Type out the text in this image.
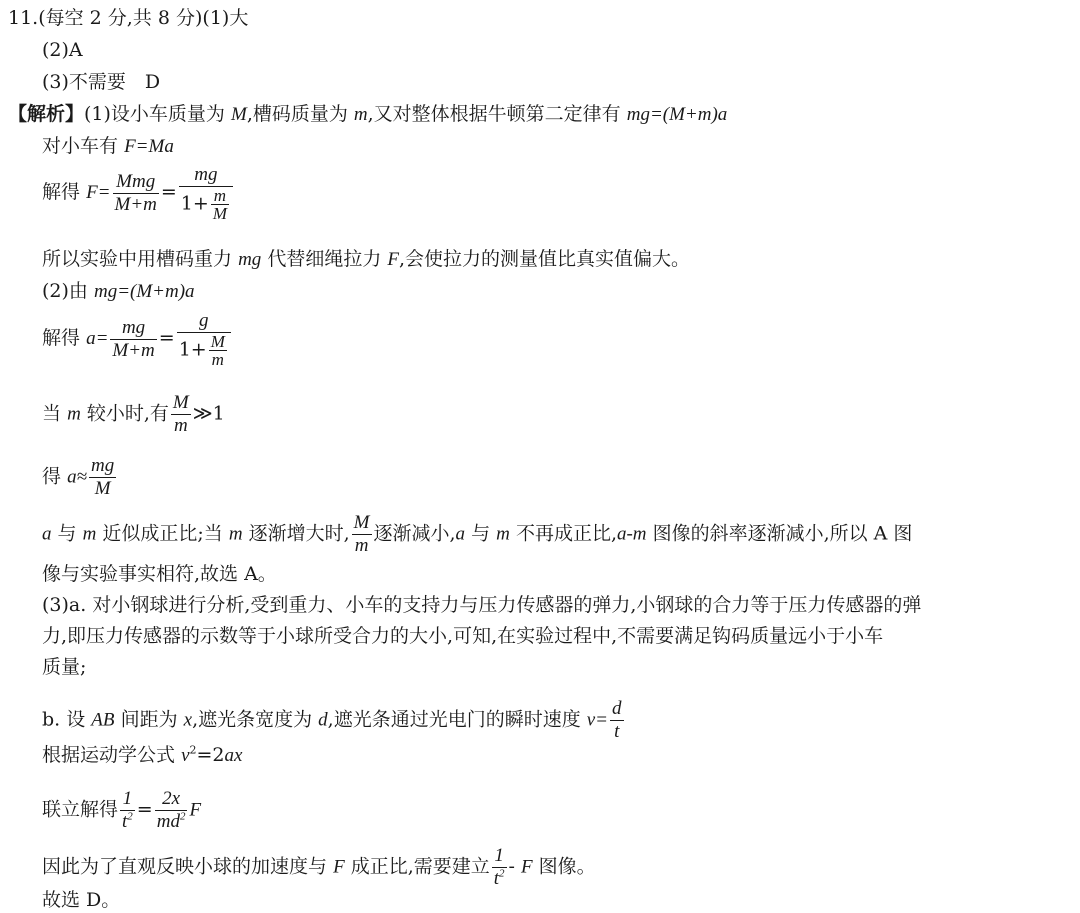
11.(每空 2 分,共 8 分)(1)大
(2)A
(3)不需要　D
【解析】(1)设小车质量为 M,槽码质量为 m,又对整体根据牛顿第二定律有 mg=(M+m)a
对小车有 F=Ma
解得 $F= \frac{\text{Mmg}}{M+m} = \frac{mg}{1+ \frac{m}{M}}$
所以实验中用槽码重力 mg 代替细绳拉力 F,会使拉力的测量值比真实值偏大。
(2)由 mg=(M+m)a
解得 $a= \frac{mg}{M+m} = \frac{g}{1+ \frac{M}{m}}$
当 m 较小时,有 $\frac{M}{m}$ ≫1
得 $a\approx \frac{mg}{M}$
a 与 m 近似成正比;当 m 逐渐增大时, $\frac{M}{m}$ 逐渐减小,a 与 m 不再成正比,a-m 图像的斜率逐渐减小,所以 A 图
像与实验事实相符,故选 A。
(3)a. 对小钢球进行分析,受到重力、小车的支持力与压力传感器的弹力,小钢球的合力等于压力传感器的弹
力,即压力传感器的示数等于小球所受合力的大小,可知,在实验过程中,不需要满足钩码质量远小于小车
质量;
b. 设 AB 间距为 x,遮光条宽度为 d,遮光条通过光电门的瞬时速度 $v= \frac{d}{t}$
根据运动学公式 $v^2=2ax$
联立解得 $\frac{1}{t^2} = \frac{2x}{md^2}$ F
因此为了直观反映小球的加速度与 F 成正比,需要建立 $\frac{1}{t^2}$ - F 图像。
故选 D。
